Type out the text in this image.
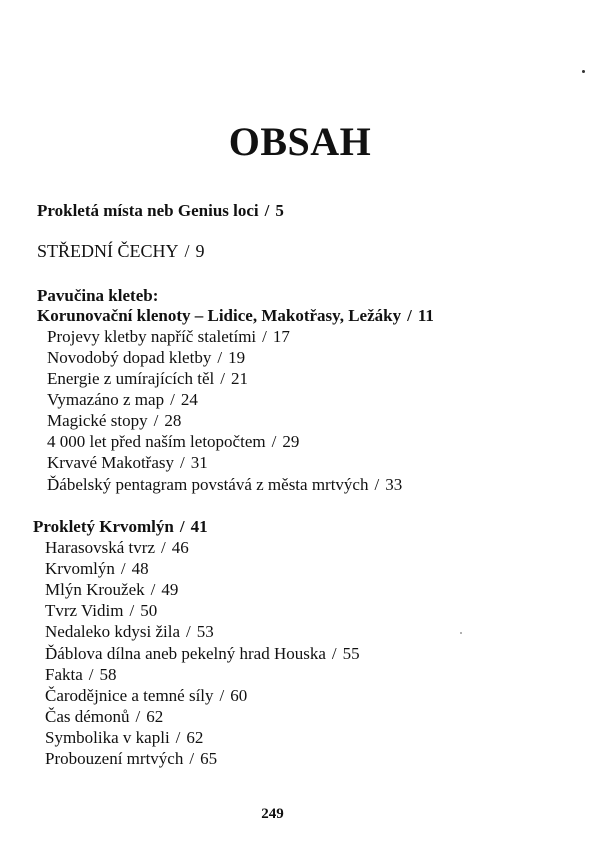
OBSAH
Prokletá místa neb Genius loci / 5
STŘEDNÍ ČECHY / 9
Pavučina kleteb:
Korunovační klenoty – Lidice, Makotřasy, Ležáky / 11
Projevy kletby napříč staletími / 17
Novodobý dopad kletby / 19
Energie z umírajících těl / 21
Vymazáno z map / 24
Magické stopy / 28
4 000 let před naším letopočtem / 29
Krvavé Makotřasy / 31
Ďábelský pentagram povstává z města mrtvých / 33
Prokletý Krvomlýn / 41
Harasovská tvrz / 46
Krvomlýn / 48
Mlýn Kroužek / 49
Tvrz Vidim / 50
Nedaleko kdysi žila / 53
Ďáblova dílna aneb pekelný hrad Houska / 55
Fakta / 58
Čarodějnice a temné síly / 60
Čas démonů / 62
Symbolika v kapli / 62
Probouzení mrtvých / 65
249
